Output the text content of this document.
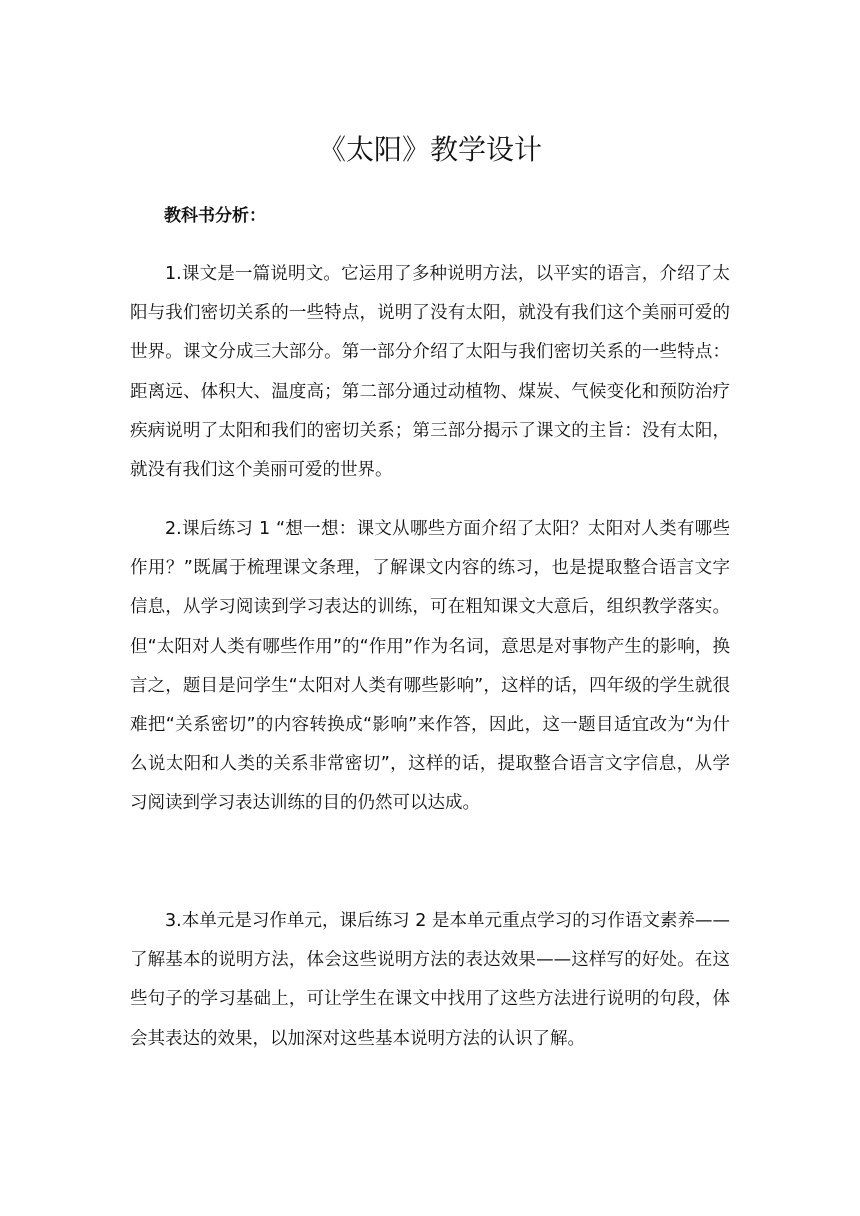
《太阳》教学设计
教科书分析：

1.课文是一篇说明文。它运用了多种说明方法，以平实的语言，介绍了太阳与我们密切关系的一些特点，说明了没有太阳，就没有我们这个美丽可爱的世界。课文分成三大部分。第一部分介绍了太阳与我们密切关系的一些特点：距离远、体积大、温度高；第二部分通过动植物、煤炭、气候变化和预防治疗疾病说明了太阳和我们的密切关系；第三部分揭示了课文的主旨：没有太阳，就没有我们这个美丽可爱的世界。

2.课后练习 1 “想一想：课文从哪些方面介绍了太阳？太阳对人类有哪些作用？”既属于梳理课文条理，了解课文内容的练习，也是提取整合语言文字信息，从学习阅读到学习表达的训练，可在粗知课文大意后，组织教学落实。但“太阳对人类有哪些作用”的“作用”作为名词，意思是对事物产生的影响，换言之，题目是问学生“太阳对人类有哪些影响”，这样的话，四年级的学生就很难把“关系密切”的内容转换成“影响”来作答，因此，这一题目适宜改为“为什么说太阳和人类的关系非常密切”，这样的话，提取整合语言文字信息，从学习阅读到学习表达训练的目的仍然可以达成。

3.本单元是习作单元，课后练习 2 是本单元重点学习的习作语文素养——了解基本的说明方法，体会这些说明方法的表达效果——这样写的好处。在这些句子的学习基础上，可让学生在课文中找用了这些方法进行说明的句段，体会其表达的效果，以加深对这些基本说明方法的认识了解。
